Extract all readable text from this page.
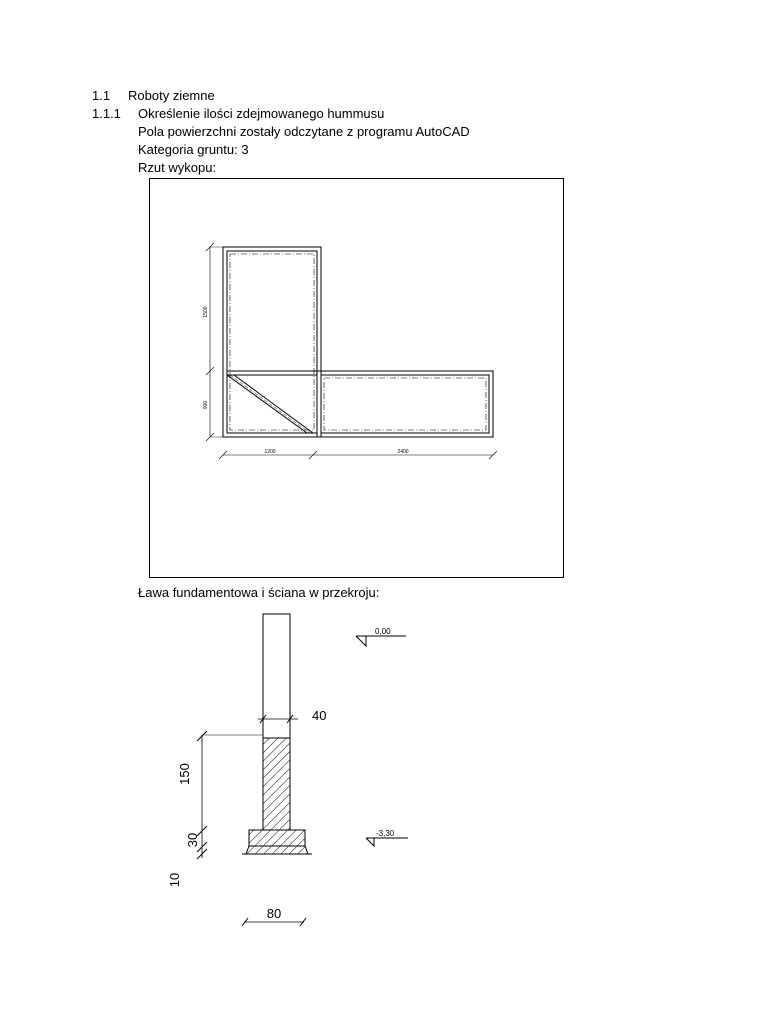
1.1 Roboty ziemne
1.1.1 Określenie ilości zdejmowanego hummusu
Pola powierzchni zostały odczytane z programu AutoCAD
Kategoria gruntu: 3
Rzut wykopu:
1500
900
1200	2400
Ława fundamentowa i ściana w przekroju:
0,00
-3,30
40
150
30
10
80
